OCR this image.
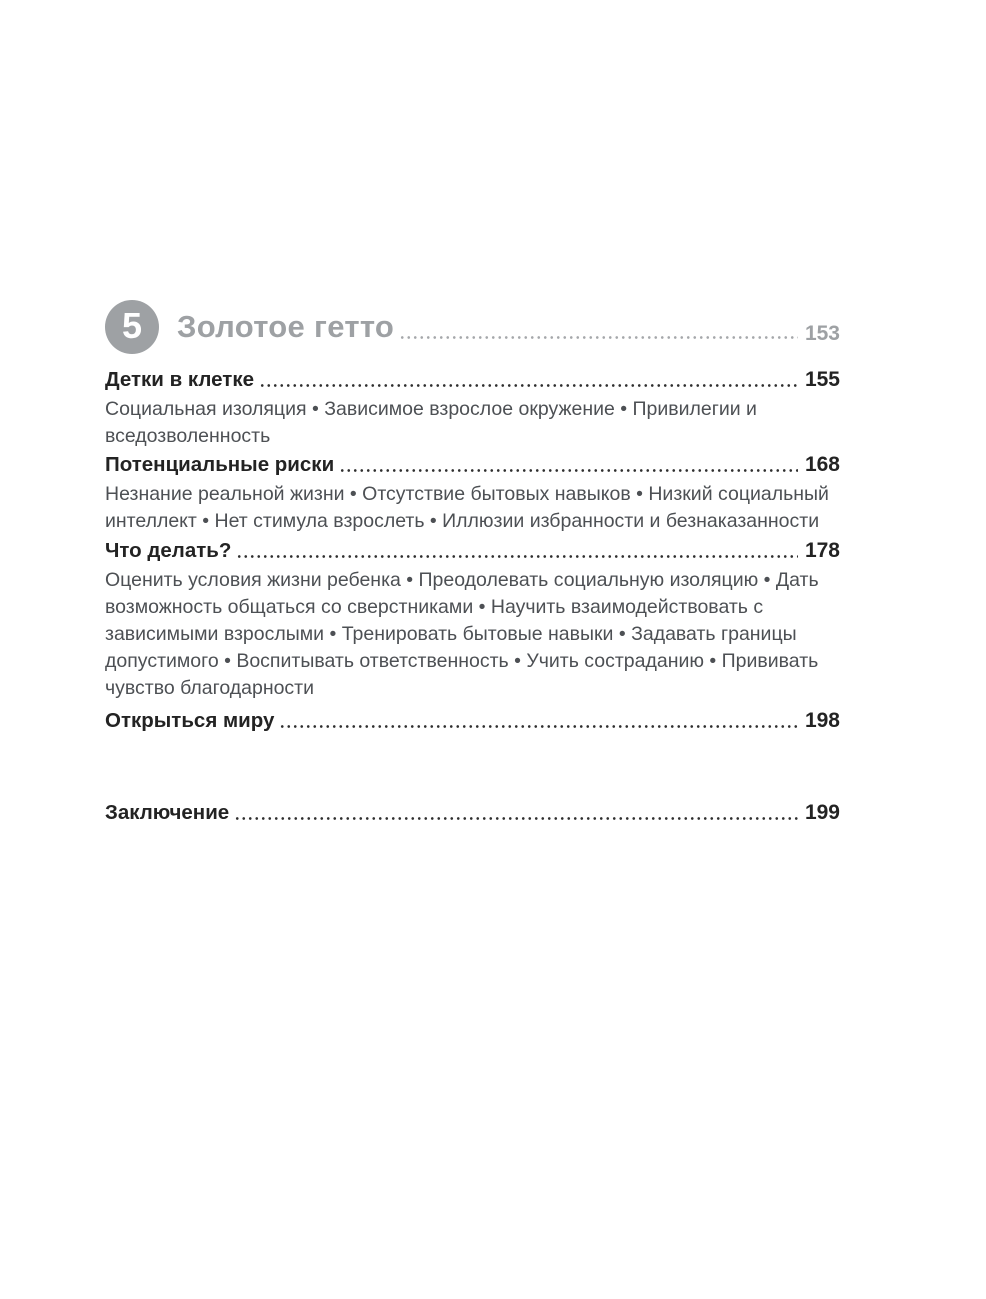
5 Золотое гетто	153
Детки в клетке	155

Социальная изоляция • Зависимое взрослое окружение • Привилегии и вседозволенность

Потенциальные риски	168

Незнание реальной жизни • Отсутствие бытовых навыков • Низкий социальный интеллект • Нет стимула взрослеть • Иллюзии избранности и безнаказанности

Что делать?	178

Оценить условия жизни ребенка • Преодолевать социальную изоляцию • Дать возможность общаться со сверстниками • Научить взаимодействовать с зависимыми взрослыми • Тренировать бытовые навыки • Задавать границы допустимого • Воспитывать ответственность • Учить состраданию • Прививать чувство благодарности

Открыться миру	198
Заключение	199
